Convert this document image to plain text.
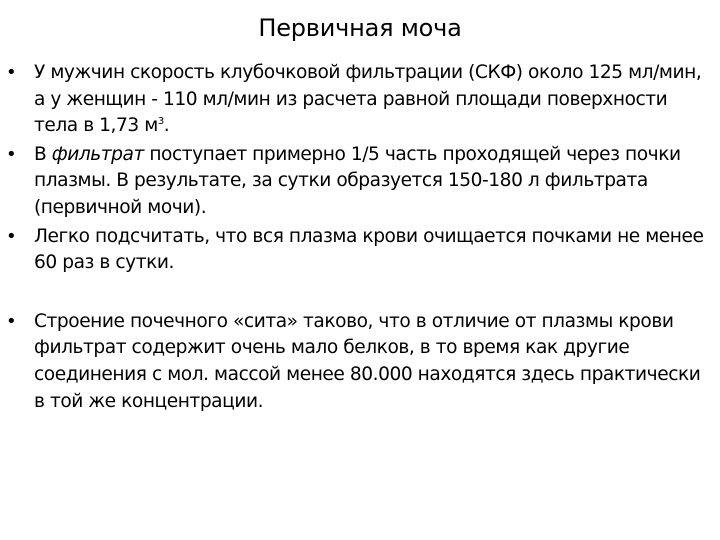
Первичная моча
• У мужчин скорость клубочковой фильтрации (СКФ) около 125 мл/мин, а у женщин - 110 мл/мин из расчета равной площади поверхности тела в 1,73 $м^3$.
• В фильтрат поступает примерно 1/5 часть проходящей через почки плазмы. В результате, за сутки образуется 150-180 л фильтрата (первичной мочи).
• Легко подсчитать, что вся плазма крови очищается почками не менее 60 раз в сутки.
• Строение почечного «сита» таково, что в отличие от плазмы крови фильтрат содержит очень мало белков, в то время как другие соединения с мол. массой менее 80.000 находятся здесь практически в той же концентрации.
